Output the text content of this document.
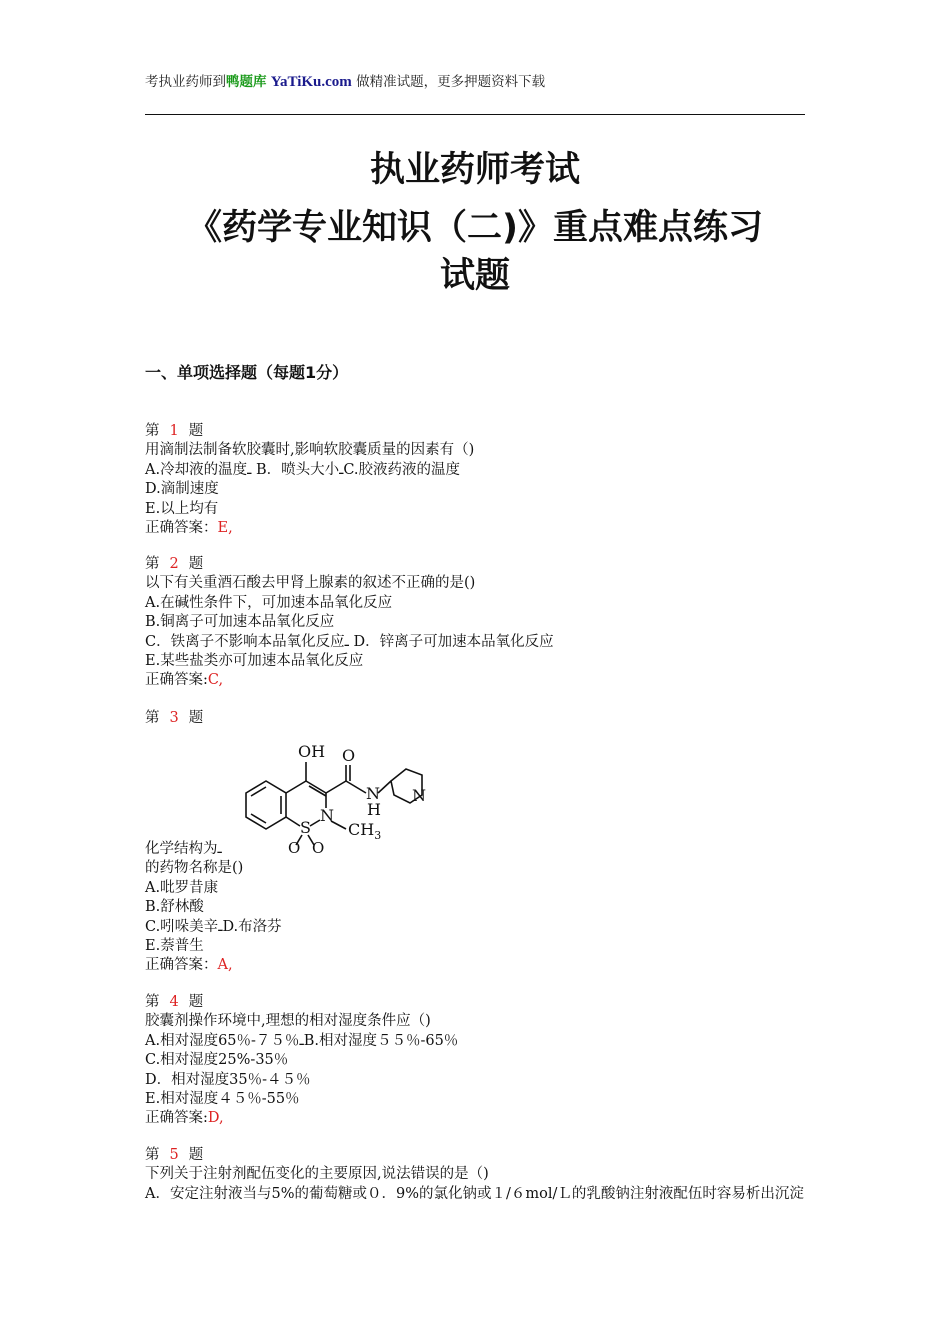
考执业药师到鸭题库 YaTiKu.com 做精准试题，更多押题资料下载
执业药师考试
《药学专业知识（二)》重点难点练习
试题
一、单项选择题（每题1分）
第 1 题
用滴制法制备软胶囊时,影响软胶囊质量的因素有（)
A.冷却液的温度ـ B．喷头大小ـC.胶液药液的温度
D.滴制速度
E.以上均有
正确答案：E,
第 2 题
以下有关重酒石酸去甲肾上腺素的叙述不正确的是()
A.在碱性条件下，可加速本品氧化反应
B.铜离子可加速本品氧化反应
C．铁离子不影响本品氧化反应ـ D．锌离子可加速本品氧化反应
E.某些盐类亦可加速本品氧化反应
正确答案:C,
第 3 题
OH O
N
H
N
N
S
O O
$CH_3$
化学结构为ـ
的药物名称是()
A.吡罗昔康
B.舒林酸
C.吲哚美辛ـD.布洛芬
E.萘普生
正确答案：A,
第 4 题
胶囊剂操作环境中,理想的相对湿度条件应（)
A.相对湿度65％-７５％ـB.相对湿度５５％-65％
C.相对湿度25%-35％
D．相对湿度35％-４５％
E.相对湿度４５％-55％
正确答案:D,
第 5 题
下列关于注射剂配伍变化的主要原因,说法错误的是（)
A．安定注射液当与5%的葡萄糖或０．9%的氯化钠或１/６mol/Ｌ的乳酸钠注射液配伍时容易析出沉淀
